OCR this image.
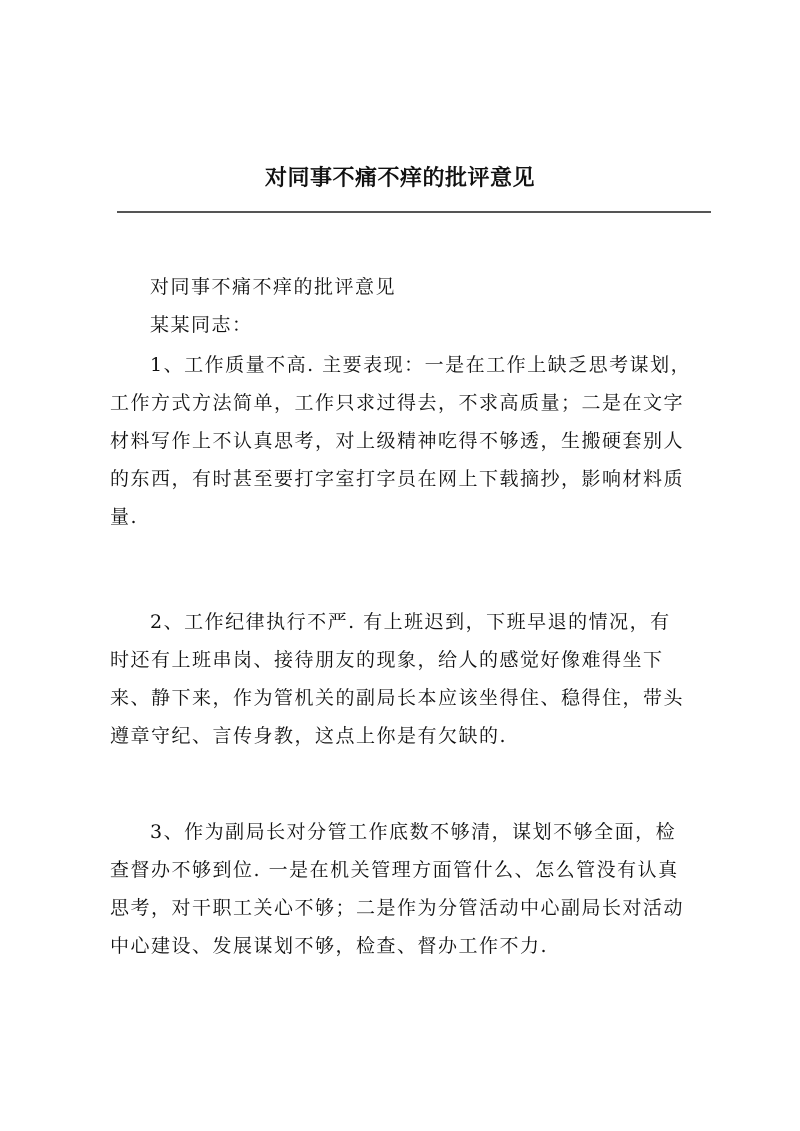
对同事不痛不痒的批评意见
对同事不痛不痒的批评意见
某某同志：
1、工作质量不高. 主要表现：一是在工作上缺乏思考谋划，
工作方式方法简单，工作只求过得去，不求高质量；二是在文字
材料写作上不认真思考，对上级精神吃得不够透，生搬硬套别人
的东西，有时甚至要打字室打字员在网上下载摘抄，影响材料质
量.
2、工作纪律执行不严. 有上班迟到，下班早退的情况，有
时还有上班串岗、接待朋友的现象，给人的感觉好像难得坐下
来、静下来，作为管机关的副局长本应该坐得住、稳得住，带头
遵章守纪、言传身教，这点上你是有欠缺的.
3、作为副局长对分管工作底数不够清，谋划不够全面，检
查督办不够到位. 一是在机关管理方面管什么、怎么管没有认真
思考，对干职工关心不够；二是作为分管活动中心副局长对活动
中心建设、发展谋划不够，检查、督办工作不力.
